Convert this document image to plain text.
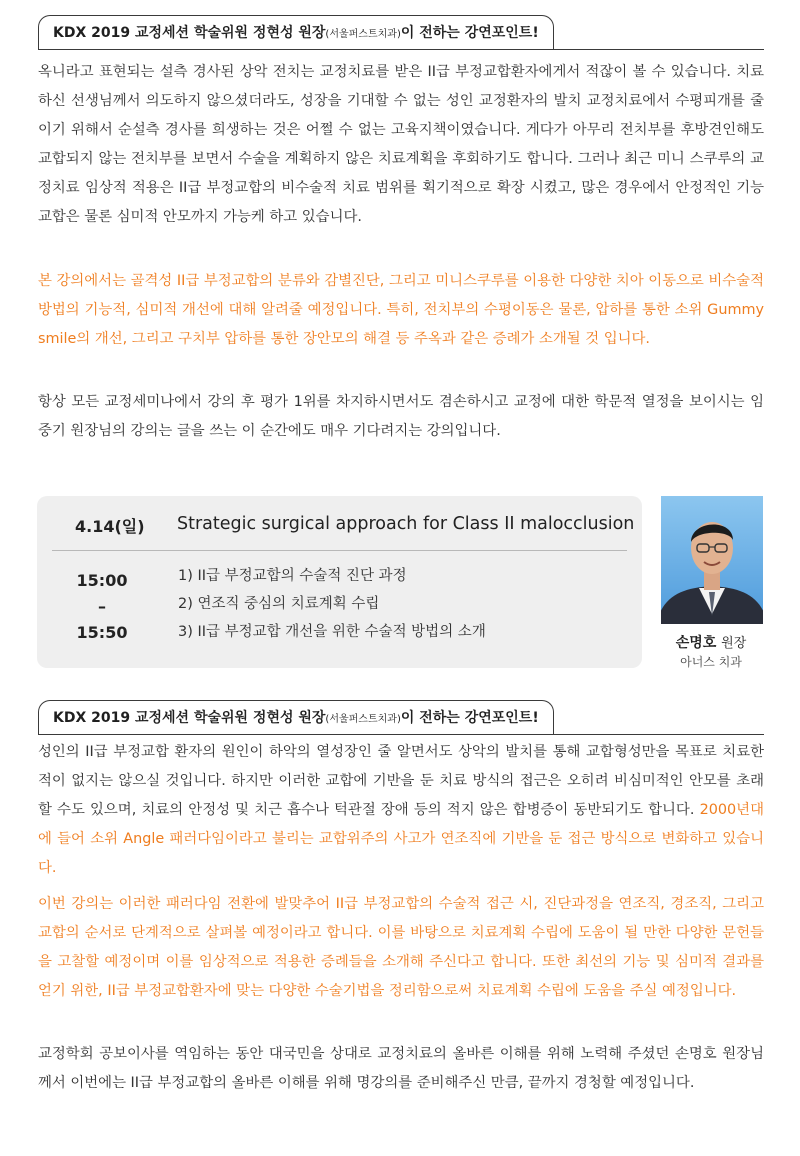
KDX 2019 교정세션 학술위원 정현성 원장(서울퍼스트치과)이 전하는 강연포인트!

옥니라고 표현되는 설측 경사된 상악 전치는 교정치료를 받은 II급 부정교합환자에게서 적잖이 볼 수 있습니다. 치료하신 선생님께서 의도하지 않으셨더라도, 성장을 기대할 수 없는 성인 교정환자의 발치 교정치료에서 수평피개를 줄이기 위해서 순설측 경사를 희생하는 것은 어쩔 수 없는 고육지책이였습니다. 게다가 아무리 전치부를 후방견인해도 교합되지 않는 전치부를 보면서 수술을 계획하지 않은 치료계획을 후회하기도 합니다. 그러나 최근 미니 스쿠루의 교정치료 임상적 적용은 II급 부정교합의 비수술적 치료 범위를 획기적으로 확장 시켰고, 많은 경우에서 안정적인 기능교합은 물론 심미적 안모까지 가능케 하고 있습니다.

본 강의에서는 골격성 II급 부정교합의 분류와 감별진단, 그리고 미니스쿠루를 이용한 다양한 치아 이동으로 비수술적 방법의 기능적, 심미적 개선에 대해 알려줄 예정입니다. 특히, 전치부의 수평이동은 물론, 압하를 통한 소위 Gummy smile의 개선, 그리고 구치부 압하를 통한 장안모의 해결 등 주옥과 같은 증례가 소개될 것 입니다.

항상 모든 교정세미나에서 강의 후 평가 1위를 차지하시면서도 겸손하시고 교정에 대한 학문적 열정을 보이시는 임중기 원장님의 강의는 글을 쓰는 이 순간에도 매우 기다려지는 강의입니다.

4.14(일) Strategic surgical approach for Class II malocclusion
15:00
–
15:50
1) II급 부정교합의 수술적 진단 과정
2) 연조직 중심의 치료계획 수립
3) II급 부정교합 개선을 위한 수술적 방법의 소개
손명호 원장
아너스 치과
KDX 2019 교정세션 학술위원 정현성 원장(서울퍼스트치과)이 전하는 강연포인트!

성인의 II급 부정교합 환자의 원인이 하악의 열성장인 줄 알면서도 상악의 발치를 통해 교합형성만을 목표로 치료한 적이 없지는 않으실 것입니다. 하지만 이러한 교합에 기반을 둔 치료 방식의 접근은 오히려 비심미적인 안모를 초래 할 수도 있으며, 치료의 안정성 및 치근 흡수나 턱관절 장애 등의 적지 않은 합병증이 동반되기도 합니다. 2000년대에 들어 소위 Angle 패러다임이라고 불리는 교합위주의 사고가 연조직에 기반을 둔 접근 방식으로 변화하고 있습니다.

이번 강의는 이러한 패러다임 전환에 발맞추어 II급 부정교합의 수술적 접근 시, 진단과정을 연조직, 경조직, 그리고 교합의 순서로 단계적으로 살펴볼 예정이라고 합니다. 이를 바탕으로 치료계획 수립에 도움이 될 만한 다양한 문헌들을 고찰할 예정이며 이를 임상적으로 적용한 증례들을 소개해 주신다고 합니다. 또한 최선의 기능 및 심미적 결과를 얻기 위한, II급 부정교합환자에 맞는 다양한 수술기법을 정리함으로써 치료계획 수립에 도움을 주실 예정입니다.

교정학회 공보이사를 역임하는 동안 대국민을 상대로 교정치료의 올바른 이해를 위해 노력해 주셨던 손명호 원장님께서 이번에는 II급 부정교합의 올바른 이해를 위해 명강의를 준비해주신 만큼, 끝까지 경청할 예정입니다.
